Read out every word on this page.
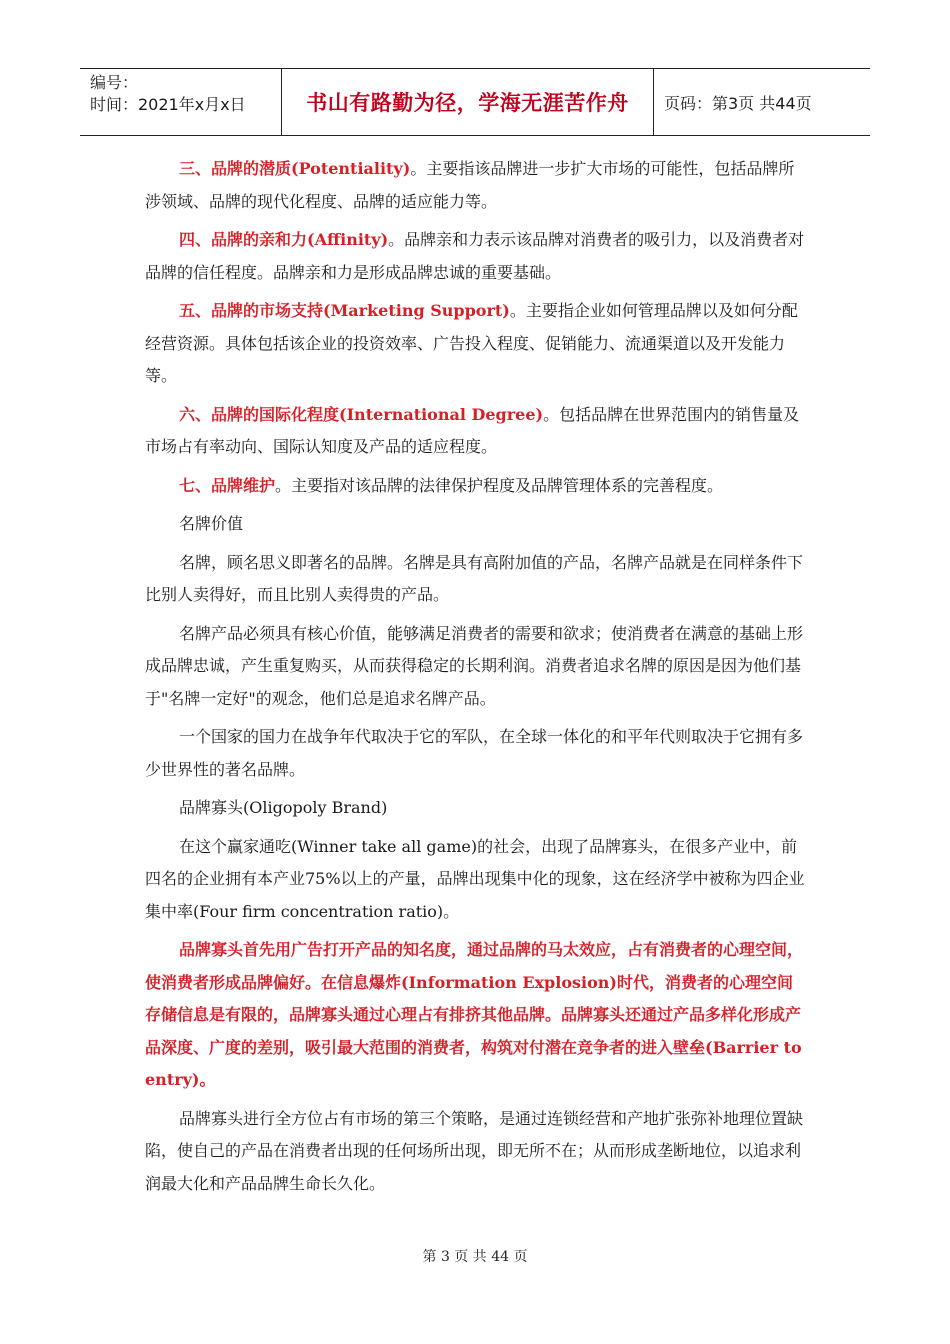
编号：
时间：2021年x月x日	书山有路勤为径，学海无涯苦作舟	页码：第3页 共44页

三、品牌的潜质(Potentiality)。主要指该品牌进一步扩大市场的可能性，包括品牌所涉领域、品牌的现代化程度、品牌的适应能力等。

四、品牌的亲和力(Affinity)。品牌亲和力表示该品牌对消费者的吸引力，以及消费者对品牌的信任程度。品牌亲和力是形成品牌忠诚的重要基础。

五、品牌的市场支持(Marketing Support)。主要指企业如何管理品牌以及如何分配经营资源。具体包括该企业的投资效率、广告投入程度、促销能力、流通渠道以及开发能力等。

六、品牌的国际化程度(International Degree)。包括品牌在世界范围内的销售量及市场占有率动向、国际认知度及产品的适应程度。

七、品牌维护。主要指对该品牌的法律保护程度及品牌管理体系的完善程度。

名牌价值

名牌，顾名思义即著名的品牌。名牌是具有高附加值的产品，名牌产品就是在同样条件下比别人卖得好，而且比别人卖得贵的产品。

名牌产品必须具有核心价值，能够满足消费者的需要和欲求；使消费者在满意的基础上形成品牌忠诚，产生重复购买，从而获得稳定的长期利润。消费者追求名牌的原因是因为他们基于"名牌一定好"的观念，他们总是追求名牌产品。

一个国家的国力在战争年代取决于它的军队，在全球一体化的和平年代则取决于它拥有多少世界性的著名品牌。

品牌寡头(Oligopoly Brand)

在这个赢家通吃(Winner take all game)的社会，出现了品牌寡头，在很多产业中，前四名的企业拥有本产业75%以上的产量，品牌出现集中化的现象，这在经济学中被称为四企业集中率(Four firm concentration ratio)。

品牌寡头首先用广告打开产品的知名度，通过品牌的马太效应，占有消费者的心理空间，使消费者形成品牌偏好。在信息爆炸(Information Explosion)时代，消费者的心理空间存储信息是有限的，品牌寡头通过心理占有排挤其他品牌。品牌寡头还通过产品多样化形成产品深度、广度的差别，吸引最大范围的消费者，构筑对付潜在竞争者的进入壁垒(Barrier to entry)。

品牌寡头进行全方位占有市场的第三个策略，是通过连锁经营和产地扩张弥补地理位置缺陷，使自己的产品在消费者出现的任何场所出现，即无所不在；从而形成垄断地位，以追求利润最大化和产品品牌生命长久化。

第 3 页 共 44 页
